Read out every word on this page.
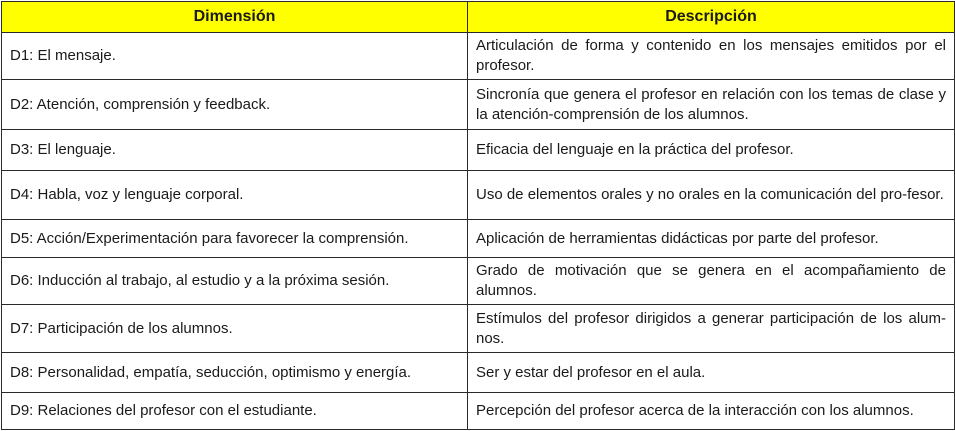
Dimensión	Descripción
D1: El mensaje.	Articulación de forma y contenido en los mensajes emitidos por el profesor.
D2: Atención, comprensión y feedback.	Sincronía que genera el profesor en relación con los temas de clase y la atención-comprensión de los alumnos.
D3: El lenguaje.	Eficacia del lenguaje en la práctica del profesor.
D4: Habla, voz y lenguaje corporal.	Uso de elementos orales y no orales en la comunicación del pro-fesor.
D5: Acción/Experimentación para favorecer la comprensión.	Aplicación de herramientas didácticas por parte del profesor.
D6: Inducción al trabajo, al estudio y a la próxima sesión.	Grado de motivación que se genera en el acompañamiento de alumnos.
D7: Participación de los alumnos.	Estímulos del profesor dirigidos a generar participación de los alum-nos.
D8: Personalidad, empatía, seducción, optimismo y energía.	Ser y estar del profesor en el aula.
D9: Relaciones del profesor con el estudiante.	Percepción del profesor acerca de la interacción con los alumnos.
